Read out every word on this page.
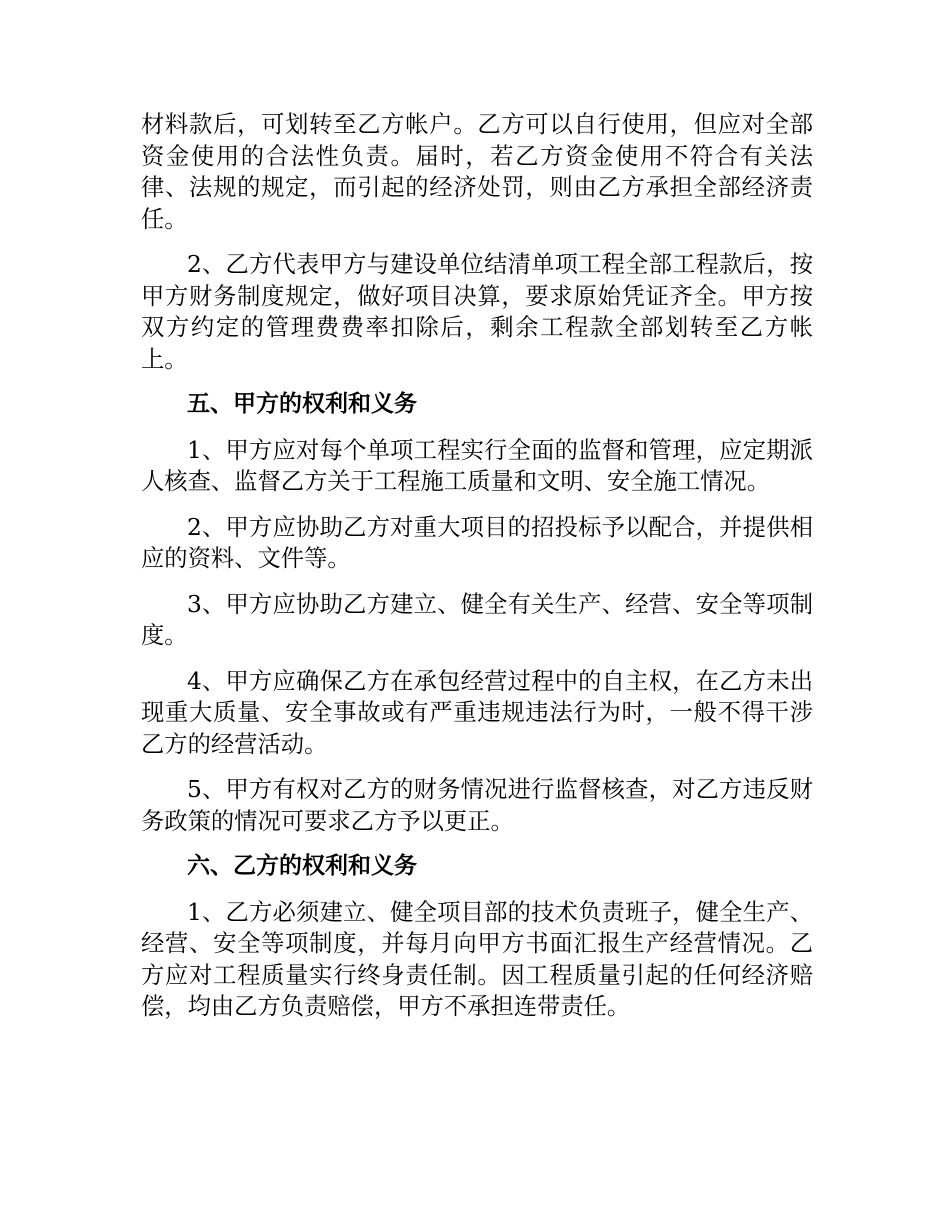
材料款后，可划转至乙方帐户。乙方可以自行使用，但应对全部资金使用的合法性负责。届时，若乙方资金使用不符合有关法律、法规的规定，而引起的经济处罚，则由乙方承担全部经济责任。

2、乙方代表甲方与建设单位结清单项工程全部工程款后，按甲方财务制度规定，做好项目决算，要求原始凭证齐全。甲方按双方约定的管理费费率扣除后，剩余工程款全部划转至乙方帐上。

五、甲方的权利和义务

1、甲方应对每个单项工程实行全面的监督和管理，应定期派人核查、监督乙方关于工程施工质量和文明、安全施工情况。

2、甲方应协助乙方对重大项目的招投标予以配合，并提供相应的资料、文件等。

3、甲方应协助乙方建立、健全有关生产、经营、安全等项制度。

4、甲方应确保乙方在承包经营过程中的自主权，在乙方未出现重大质量、安全事故或有严重违规违法行为时，一般不得干涉乙方的经营活动。

5、甲方有权对乙方的财务情况进行监督核查，对乙方违反财务政策的情况可要求乙方予以更正。

六、乙方的权利和义务

1、乙方必须建立、健全项目部的技术负责班子，健全生产、经营、安全等项制度，并每月向甲方书面汇报生产经营情况。乙方应对工程质量实行终身责任制。因工程质量引起的任何经济赔偿，均由乙方负责赔偿，甲方不承担连带责任。
